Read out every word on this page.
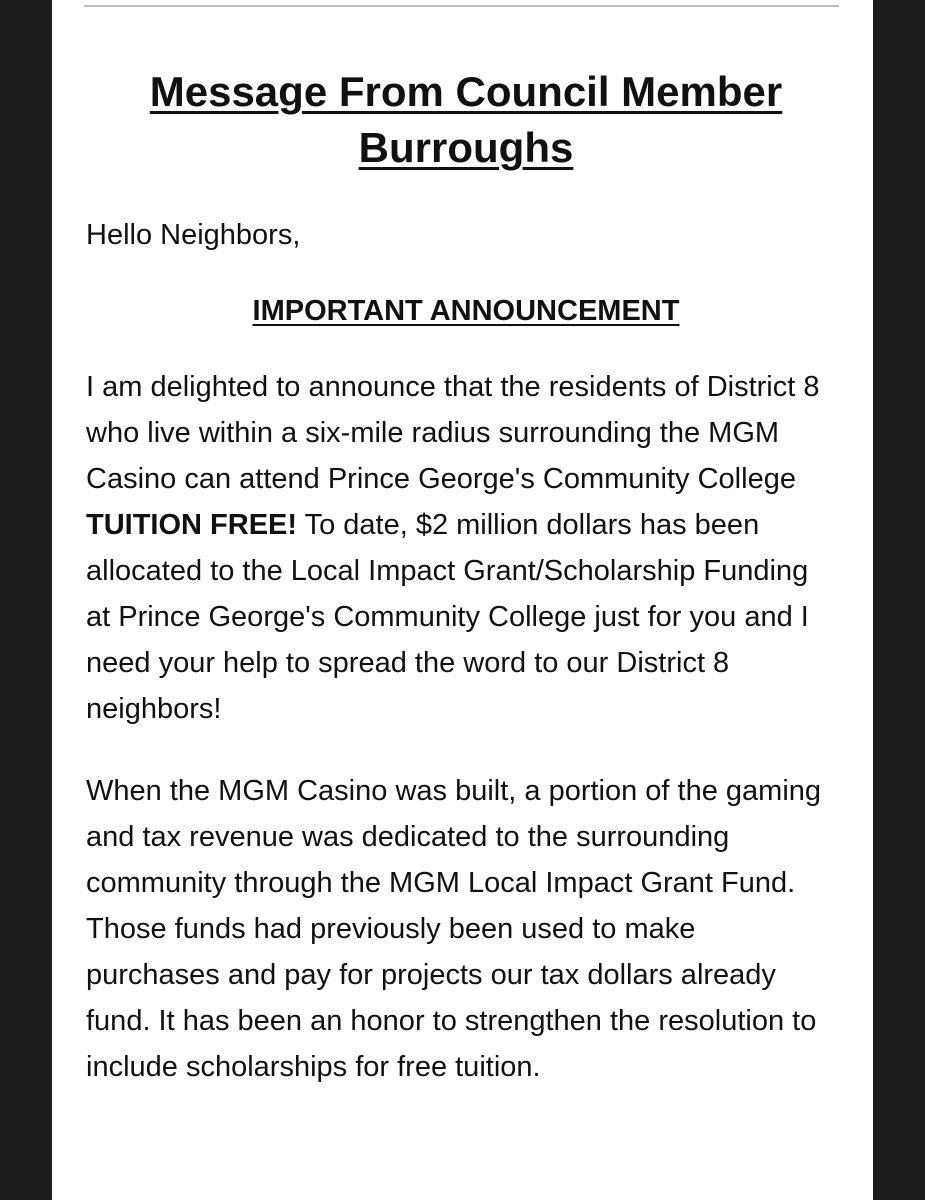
Message From Council Member Burroughs

Hello Neighbors,

IMPORTANT ANNOUNCEMENT

I am delighted to announce that the residents of District 8 who live within a six-mile radius surrounding the MGM Casino can attend Prince George's Community College TUITION FREE! To date, $2 million dollars has been allocated to the Local Impact Grant/Scholarship Funding at Prince George's Community College just for you and I need your help to spread the word to our District 8 neighbors!

When the MGM Casino was built, a portion of the gaming and tax revenue was dedicated to the surrounding community through the MGM Local Impact Grant Fund. Those funds had previously been used to make purchases and pay for projects our tax dollars already fund. It has been an honor to strengthen the resolution to include scholarships for free tuition.
